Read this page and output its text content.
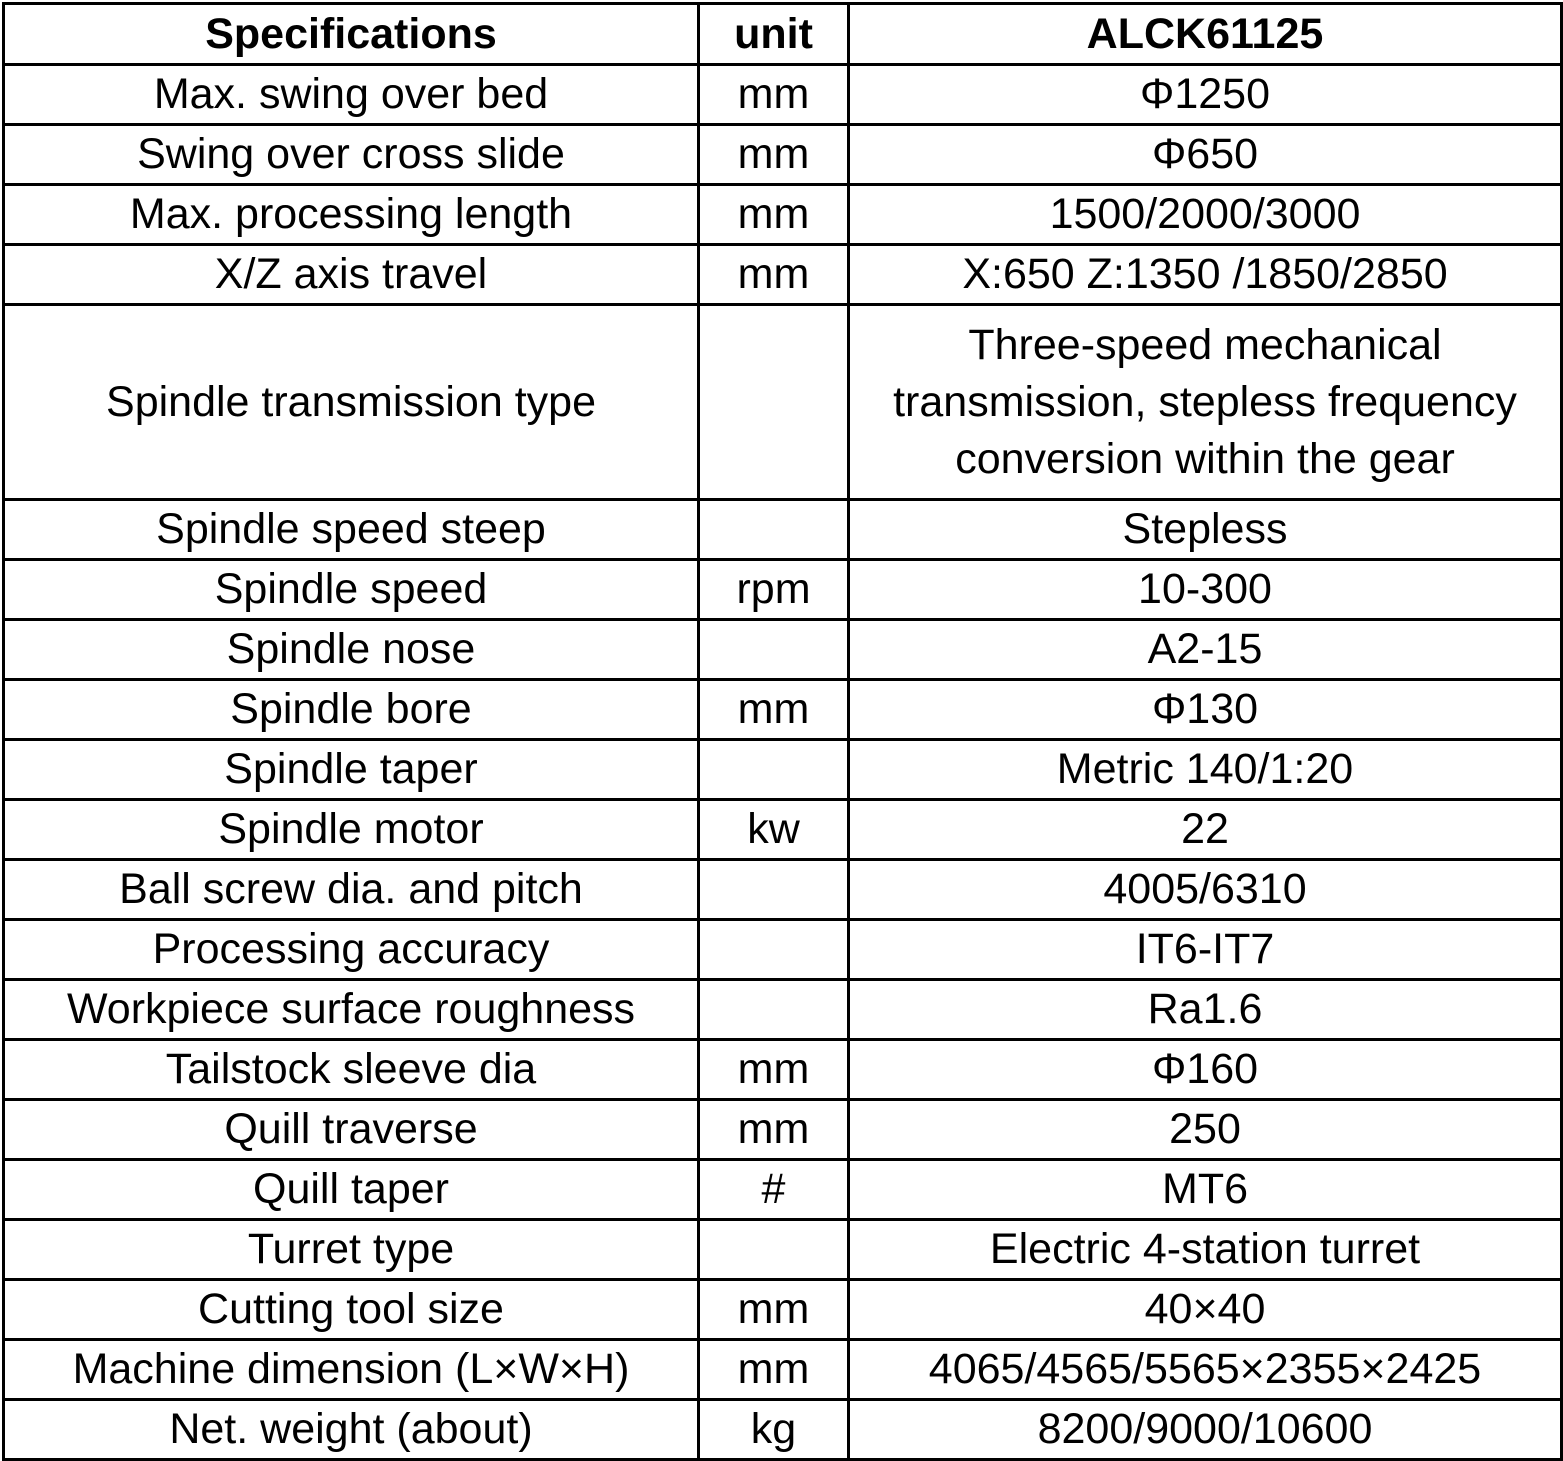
Specifications	unit	ALCK61125
Max. swing over bed	mm	Φ1250
Swing over cross slide	mm	Φ650
Max. processing length	mm	1500/2000/3000
X/Z axis travel	mm	X:650 Z:1350 /1850/2850
Spindle transmission type		Three-speed mechanical
transmission, stepless frequency
conversion within the gear

Spindle speed steep		Stepless
Spindle speed	rpm	10-300
Spindle nose		A2-15
Spindle bore	mm	Φ130
Spindle taper		Metric 140/1:20
Spindle motor	kw	22
Ball screw dia. and pitch		4005/6310
Processing accuracy		IT6-IT7
Workpiece surface roughness		Ra1.6
Tailstock sleeve dia	mm	Φ160
Quill traverse	mm	250
Quill taper	#	MT6
Turret type		Electric 4-station turret
Cutting tool size	mm	40×40
Machine dimension (L×W×H)	mm	4065/4565/5565×2355×2425
Net. weight (about)	kg	8200/9000/10600
